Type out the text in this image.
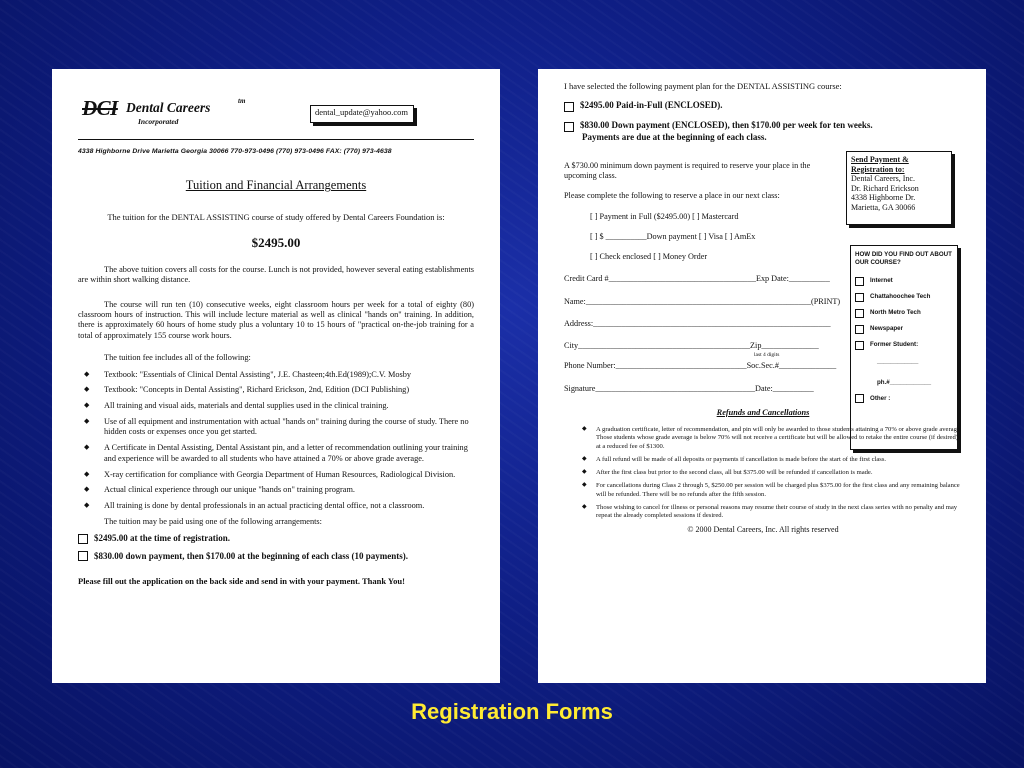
DCI Dental Careers	tm
Incorporated
dental_update@yahoo.com
4338 Highborne Drive Marietta Georgia 30066 770-973-0496 (770) 973-0496 FAX: (770) 973-4638
Tuition and Financial Arrangements
The tuition for the DENTAL ASSISTING course of study offered by Dental Careers Foundation is:
$2495.00
The above tuition covers all costs for the course. Lunch is not provided, however several eating establishments are within short walking distance.
The course will run ten (10) consecutive weeks, eight classroom hours per week for a total of eighty (80) classroom hours of instruction. This will include lecture material as well as clinical "hands on" training. In addition, there is approximately 60 hours of home study plus a voluntary 10 to 15 hours of "practical on-the-job training for a total of approximately 155 course work hours.
The tuition fee includes all of the following:
◆ Textbook: "Essentials of Clinical Dental Assisting", J.E. Chasteen;4th.Ed(1989);C.V. Mosby
◆ Textbook: "Concepts in Dental Assisting", Richard Erickson, 2nd, Edition (DCI Publishing)
◆ All training and visual aids, materials and dental supplies used in the clinical training.
◆ Use of all equipment and instrumentation with actual "hands on" training during the course of study. There no hidden costs or expenses once you get started.
◆ A Certificate in Dental Assisting, Dental Assistant pin, and a letter of recommendation outlining your training and experience will be awarded to all students who have attained a 70% or above grade average.
◆ X-ray certification for compliance with Georgia Department of Human Resources, Radiological Division.
◆ Actual clinical experience through our unique "hands on" training program.
◆ All training is done by dental professionals in an actual practicing dental office, not a classroom.
The tuition may be paid using one of the following arrangements:
$2495.00 at the time of registration.
$830.00 down payment, then $170.00 at the beginning of each class (10 payments).
Please fill out the application on the back side and send in with your payment. Thank You!
I have selected the following payment plan for the DENTAL ASSISTING course:
$2495.00 Paid-in-Full (ENCLOSED).
$830.00 Down payment (ENCLOSED), then $170.00 per week for ten weeks.
Payments are due at the beginning of each class.
Send Payment &
Registration to:
Dental Careers, Inc.
Dr. Richard Erickson
4338 Highborne Dr.
Marietta, GA 30066
A $730.00 minimum down payment is required to reserve your place in the upcoming class.
Please complete the following to reserve a place in our next class:
[ ] Payment in Full ($2495.00) [ ] Mastercard
[ ] $ __________Down payment [ ] Visa [ ] AmEx
[ ] Check enclosed [ ] Money Order
Credit Card #____________________________________Exp Date:__________
Name:_______________________________________________________(PRINT)
Address:__________________________________________________________
City__________________________________________Zip______________
last 4 digits
Phone Number:________________________________Soc.Sec.#______________
Signature_______________________________________Date:__________
HOW DID YOU FIND OUT ABOUT OUR COURSE?
Internet
Chattahoochee Tech
North Metro Tech
Newspaper
Former Student:
____________
ph.#____________
Other :
Refunds and Cancellations
◆ A graduation certificate, letter of recommendation, and pin will only be awarded to those students attaining a 70% or above grade average. Those students whose grade average is below 70% will not receive a certificate but will be allowed to retake the entire course (if desired) at a reduced fee of $1300.
◆ A full refund will be made of all deposits or payments if cancellation is made before the start of the first class.
◆ After the first class but prior to the second class, all but $375.00 will be refunded if cancellation is made.
◆ For cancellations during Class 2 through 5, $250.00 per session will be charged plus $375.00 for the first class and any remaining balance will be refunded. There will be no refunds after the fifth session.
◆ Those wishing to cancel for illness or personal reasons may resume their course of study in the next class series with no penalty and may repeat the already completed sessions if desired.
© 2000 Dental Careers, Inc. All rights reserved
Registration Forms
